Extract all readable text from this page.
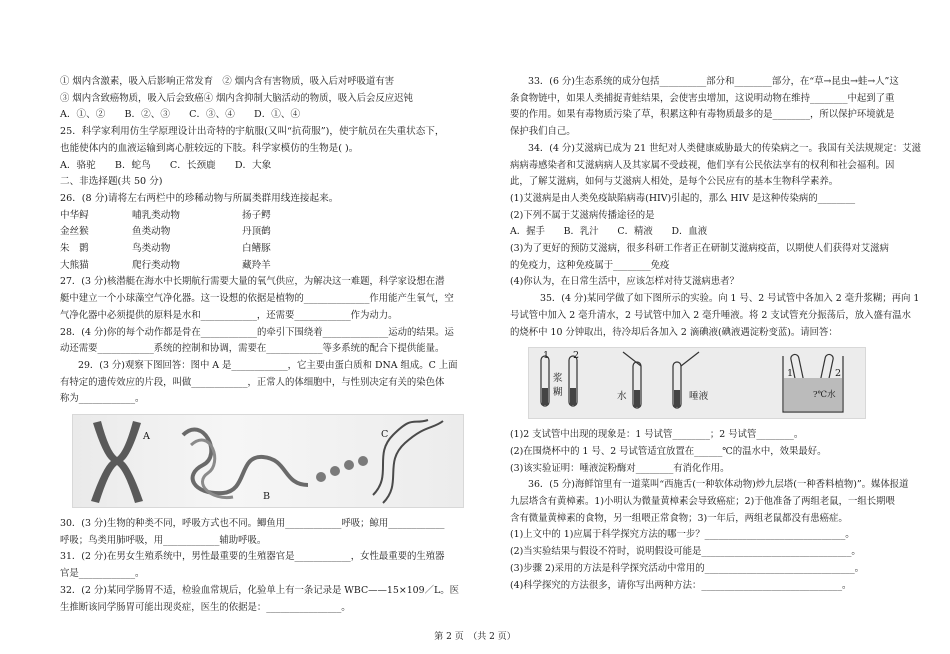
① 烟内含激素，吸入后影响正常发育　② 烟内含有害物质，吸入后对呼吸道有害
③ 烟内含致癌物质，吸入后会致癌④ 烟内含抑制大脑活动的物质，吸入后会反应迟钝
A．①、②　　B．②、③　　C．③、④　　D．①、④
25．科学家利用仿生学原理设计出奇特的宇航服(又叫“抗荷服”)，使宇航员在失重状态下，
也能使体内的血液运输到离心脏较远的下肢。科学家模仿的生物是( )。
A．骆驼　　B．蛇鸟　　C．长颈鹿　　D．大象
二、非选择题(共 50 分)
26．(8 分)请将左右两栏中的珍稀动物与所属类群用线连接起来。
中华鲟	哺乳类动物	扬子鳄
金丝猴	鱼类动物	丹顶鹤
朱　鹮	鸟类动物	白鳍豚
大熊猫	爬行类动物	藏羚羊
27．(3 分)核潜艇在海水中长期航行需要大量的氧气供应，为解决这一难题，科学家设想在潜
艇中建立一个小球藻空气净化器。这一设想的依据是植物的______________作用能产生氧气，空
气净化器中必须提供的原料是水和____________，还需要____________作为动力。
28．(4 分)你的每个动作都是骨在____________的牵引下围绕着______________运动的结果。运
动还需要____________系统的控制和协调，需要在____________等多系统的配合下提供能量。
29．(3 分)观察下图回答：图中 A 是____________，它主要由蛋白质和 DNA 组成。C 上面
有特定的遗传效应的片段，叫做____________，正常人的体细胞中，与性别决定有关的染色体
称为____________。
A
B
C
30．(3 分)生物的种类不同，呼吸方式也不同。鲫鱼用____________呼吸；鲸用____________
呼吸；鸟类用肺呼吸，用____________辅助呼吸。
31．(2 分)在男女生殖系统中，男性最重要的生殖器官是____________，女性最重要的生殖器
官是____________。
32．(2 分)某同学肠胃不适，检验血常规后，化验单上有一条记录是 WBC——15×109／L。医
生推断该同学肠胃可能出现炎症，医生的依据是：________________。
33．(6 分)生态系统的成分包括__________部分和________部分，在“草→昆虫→蛙→人”这
条食物链中，如果人类捕捉青蛙结果，会使害虫增加，这说明动物在维持________中起到了重
要的作用。如果有毒物质污染了草，积累这种有毒物质最多的是________，所以保护环境就是
保护我们自己。
34．(4 分)艾滋病已成为 21 世纪对人类健康威胁最大的传染病之一。我国有关法规规定：艾滋
病病毒感染者和艾滋病病人及其家属不受歧视，他们享有公民依法享有的权利和社会福利。因
此，了解艾滋病，如何与艾滋病人相处，是每个公民应有的基本生物科学素养。
(1)艾滋病是由人类免疫缺陷病毒(HIV)引起的，那么 HIV 是这种传染病的________
(2)下列不属于艾滋病传播途径的是
A．握手　　B．乳汁　　C．精液　　D．血液
(3)为了更好的预防艾滋病，很多科研工作者正在研制艾滋病疫苗，以期使人们获得对艾滋病
的免疫力，这种免疫属于________免疫
(4)你认为，在日常生活中，应该怎样对待艾滋病患者？
35．(4 分)某同学做了如下图所示的实验。向 1 号、2 号试管中各加入 2 毫升浆糊；再向 1
号试管中加入 2 毫升清水，2 号试管中加入 2 毫升唾液。将 2 支试管充分振荡后，放入盛有温水
的烧杯中 10 分钟取出，待冷却后各加入 2 滴碘液(碘液遇淀粉变蓝)。请回答：
1 2
浆
糊	水	唾液
1	2
?℃水
(1)2 支试管中出现的现象是：1 号试管________；2 号试管________。
(2)在围烧杯中的 1 号、2 号试管适宜放置在______℃的温水中，效果最好。
(3)该实验证明：唾液淀粉酶对________有消化作用。
36．(5 分)海鲜馆里有一道菜叫“西施舌(一种软体动物)炒九层塔(一种香料植物)”。媒体报道
九层塔含有黄樟素。1)小明认为微量黄樟素会导致癌症；2)于他准备了两组老鼠，一组长期喂
含有微量黄樟素的食物，另一组喂正常食物；3)一年后，两组老鼠都没有患癌症。
(1)上文中的 1)应属于科学探究方法的哪一步？______________________________。
(2)当实验结果与假设不符时，说明假设可能是________________________________。
(3)步骤 2)采用的方法是科学探究活动中常用的________________________________。
(4)科学探究的方法很多，请你写出两种方法：______________________________。
第 2 页　（共 2 页）
